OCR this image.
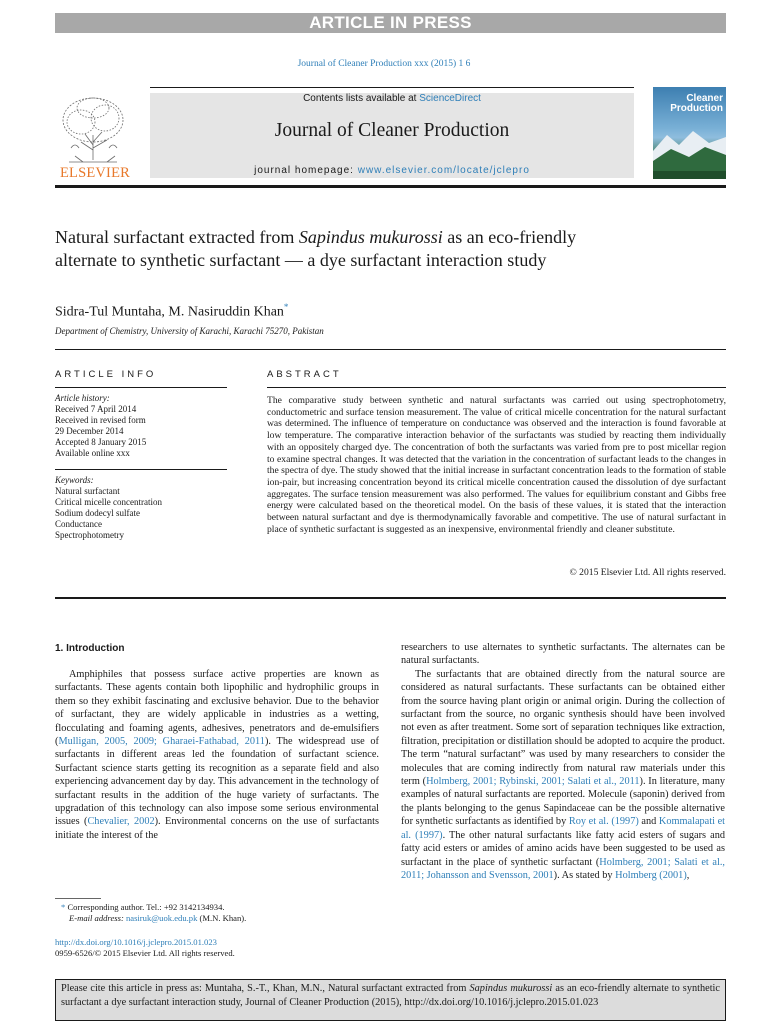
ARTICLE IN PRESS
Journal of Cleaner Production xxx (2015) 1 6
Contents lists available at ScienceDirect
Journal of Cleaner Production
journal homepage: www.elsevier.com/locate/jclepro
ELSEVIER
Cleaner
Production
Natural surfactant extracted from Sapindus mukurossi as an eco-friendly alternate to synthetic surfactant — a dye surfactant interaction study
Sidra-Tul Muntaha, M. Nasiruddin Khan*
Department of Chemistry, University of Karachi, Karachi 75270, Pakistan
ARTICLE INFO
Article history:
Received 7 April 2014
Received in revised form
29 December 2014
Accepted 8 January 2015
Available online xxx
Keywords:
Natural surfactant
Critical micelle concentration
Sodium dodecyl sulfate
Conductance
Spectrophotometry
ABSTRACT
The comparative study between synthetic and natural surfactants was carried out using spectrophotometry, conductometric and surface tension measurement. The value of critical micelle concentration for the natural surfactant was determined. The influence of temperature on conductance was observed and the interaction is found favorable at low temperature. The comparative interaction behavior of the surfactants was studied by reacting them individually with an oppositely charged dye. The concentration of both the surfactants was varied from pre to post micellar region to examine spectral changes. It was detected that the variation in the concentration of surfactant leads to the changes in the spectra of dye. The study showed that the initial increase in surfactant concentration leads to the formation of stable ion-pair, but increasing concentration beyond its critical micelle concentration caused the dissolution of dye surfactant aggregates. The surface tension measurement was also performed. The values for equilibrium constant and Gibbs free energy were calculated based on the theoretical model. On the basis of these values, it is stated that the interaction between natural surfactant and dye is thermodynamically favorable and competitive. The use of natural surfactant in place of synthetic surfactant is suggested as an inexpensive, environmental friendly and cleaner substitute.
© 2015 Elsevier Ltd. All rights reserved.
1. Introduction

Amphiphiles that possess surface active properties are known as surfactants. These agents contain both lipophilic and hydrophilic groups in them so they exhibit fascinating and exclusive behavior. Due to the behavior of surfactant, they are widely applicable in industries as a wetting, flocculating and foaming agents, adhesives, penetrators and de-emulsifiers (Mulligan, 2005, 2009; Gharaei-Fathabad, 2011). The widespread use of surfactants in different areas led the foundation of surfactant science. Surfactant science starts getting its recognition as a separate field and also experiencing advancement day by day. This advancement in the technology of surfactant results in the addition of the huge variety of surfactants. The upgradation of this technology can also impose some serious environmental issues (Chevalier, 2002). Environmental concerns on the use of surfactants initiate the interest of the

researchers to use alternates to synthetic surfactants. The alternates can be natural surfactants.

The surfactants that are obtained directly from the natural source are considered as natural surfactants. These surfactants can be obtained either from the source having plant origin or animal origin. During the collection of surfactant from the source, no organic synthesis should have been involved not even as after treatment. Some sort of separation techniques like extraction, filtration, precipitation or distillation should be adopted to acquire the product. The term “natural surfactant” was used by many researchers to consider the molecules that are coming indirectly from natural raw materials under this term (Holmberg, 2001; Rybinski, 2001; Salati et al., 2011). In literature, many examples of natural surfactants are reported. Molecule (saponin) derived from the plants belonging to the genus Sapindaceae can be the possible alternative for synthetic surfactants as identified by Roy et al. (1997) and Kommalapati et al. (1997). The other natural surfactants like fatty acid esters of sugars and fatty acid esters or amides of amino acids have been suggested to be used as surfactant in the place of synthetic surfactant (Holmberg, 2001; Salati et al., 2011; Johansson and Svensson, 2001). As stated by Holmberg (2001),

* Corresponding author. Tel.: +92 3142134934.
E-mail address: nasiruk@uok.edu.pk (M.N. Khan).
http://dx.doi.org/10.1016/j.jclepro.2015.01.023
0959-6526/© 2015 Elsevier Ltd. All rights reserved.
Please cite this article in press as: Muntaha, S.-T., Khan, M.N., Natural surfactant extracted from Sapindus mukurossi as an eco-friendly alternate to synthetic surfactant a dye surfactant interaction study, Journal of Cleaner Production (2015), http://dx.doi.org/10.1016/j.jclepro.2015.01.023
